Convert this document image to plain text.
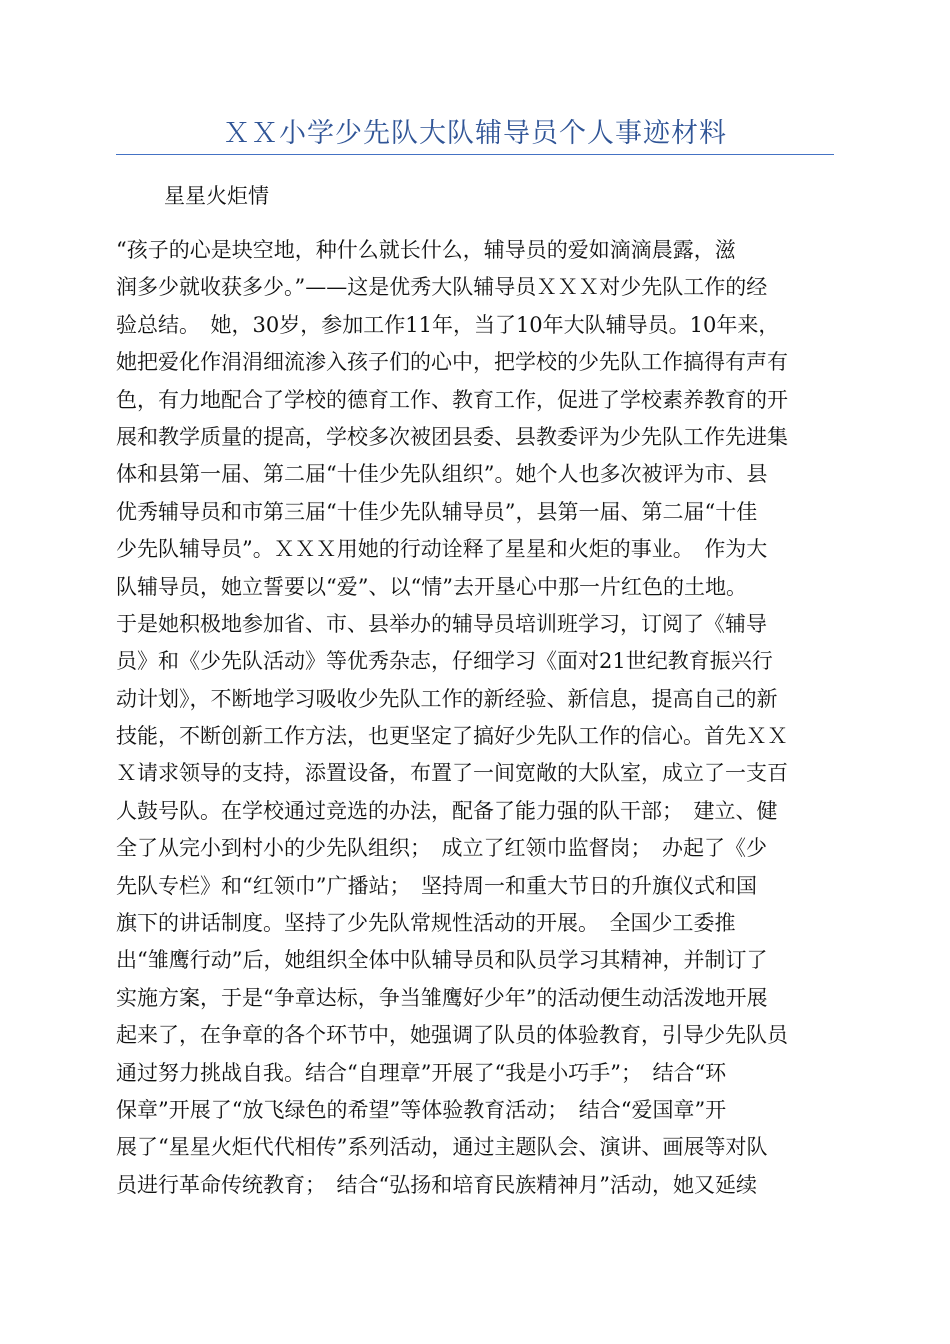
ＸＸ小学少先队大队辅导员个人事迹材料
星星火炬情
“孩子的心是块空地，种什么就长什么，辅导员的爱如滴滴晨露，滋
润多少就收获多少。”——这是优秀大队辅导员ＸＸＸ对少先队工作的经
验总结。　她，30岁，参加工作11年，当了10年大队辅导员。10年来，
她把爱化作涓涓细流渗入孩子们的心中，把学校的少先队工作搞得有声有
色，有力地配合了学校的德育工作、教育工作，促进了学校素养教育的开
展和教学质量的提高，学校多次被团县委、县教委评为少先队工作先进集
体和县第一届、第二届“十佳少先队组织”。她个人也多次被评为市、县
优秀辅导员和市第三届“十佳少先队辅导员”，县第一届、第二届“十佳
少先队辅导员”。ＸＸＸ用她的行动诠释了星星和火炬的事业。　作为大
队辅导员，她立誓要以“爱”、以“情”去开垦心中那一片红色的土地。
于是她积极地参加省、市、县举办的辅导员培训班学习，订阅了《辅导
员》和《少先队活动》等优秀杂志，仔细学习《面对21世纪教育振兴行
动计划》，不断地学习吸收少先队工作的新经验、新信息，提高自己的新
技能，不断创新工作方法，也更坚定了搞好少先队工作的信心。首先ＸＸ
Ｘ请求领导的支持，添置设备，布置了一间宽敞的大队室，成立了一支百
人鼓号队。在学校通过竞选的办法，配备了能力强的队干部；　建立、健
全了从完小到村小的少先队组织；　成立了红领巾监督岗；　办起了《少
先队专栏》和“红领巾”广播站；　坚持周一和重大节日的升旗仪式和国
旗下的讲话制度。坚持了少先队常规性活动的开展。　全国少工委推
出“雏鹰行动”后，她组织全体中队辅导员和队员学习其精神，并制订了
实施方案，于是“争章达标，争当雏鹰好少年”的活动便生动活泼地开展
起来了，在争章的各个环节中，她强调了队员的体验教育，引导少先队员
通过努力挑战自我。结合“自理章”开展了“我是小巧手”；　结合“环
保章”开展了“放飞绿色的希望”等体验教育活动；　结合“爱国章”开
展了“星星火炬代代相传”系列活动，通过主题队会、演讲、画展等对队
员进行革命传统教育；　结合“弘扬和培育民族精神月”活动，她又延续
